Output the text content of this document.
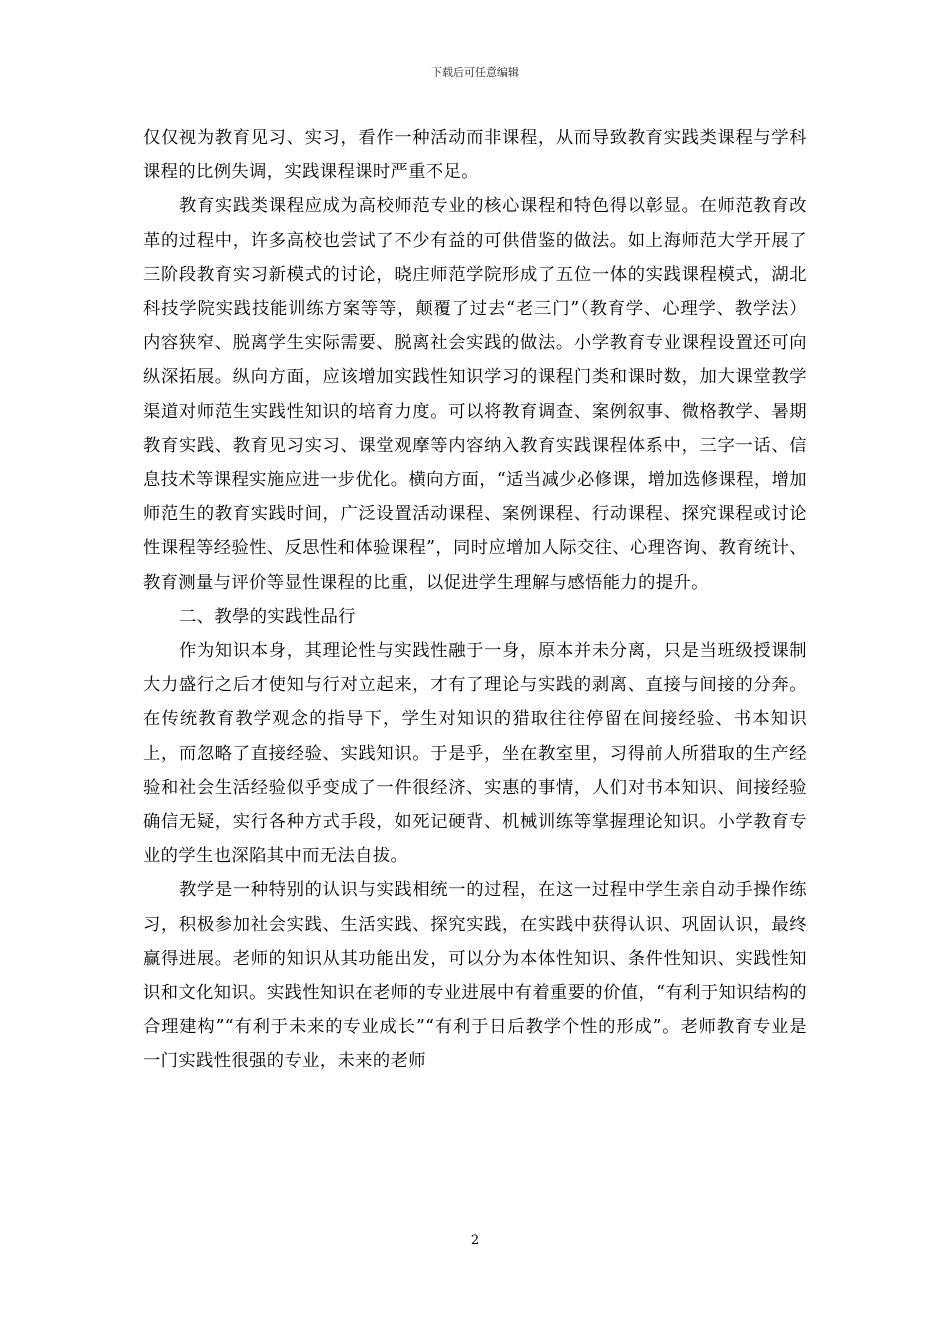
下载后可任意编辑

仅仅视为教育见习、实习，看作一种活动而非课程，从而导致教育实践类课程与学科课程的比例失调，实践课程课时严重不足。

教育实践类课程应成为高校师范专业的核心课程和特色得以彰显。在师范教育改革的过程中，许多高校也尝试了不少有益的可供借鉴的做法。如上海师范大学开展了三阶段教育实习新模式的讨论，晓庄师范学院形成了五位一体的实践课程模式，湖北科技学院实践技能训练方案等等，颠覆了过去“老三门”（教育学、心理学、教学法）内容狭窄、脱离学生实际需要、脱离社会实践的做法。小学教育专业课程设置还可向纵深拓展。纵向方面，应该增加实践性知识学习的课程门类和课时数，加大课堂教学渠道对师范生实践性知识的培育力度。可以将教育调查、案例叙事、微格教学、暑期教育实践、教育见习实习、课堂观摩等内容纳入教育实践课程体系中，三字一话、信息技术等课程实施应进一步优化。横向方面，“适当减少必修课，增加选修课程，增加师范生的教育实践时间，广泛设置活动课程、案例课程、行动课程、探究课程或讨论性课程等经验性、反思性和体验课程”，同时应增加人际交往、心理咨询、教育统计、教育测量与评价等显性课程的比重，以促进学生理解与感悟能力的提升。

二、教學的实践性品行

作为知识本身，其理论性与实践性融于一身，原本并未分离，只是当班级授课制大力盛行之后才使知与行对立起来，才有了理论与实践的剥离、直接与间接的分奔。在传统教育教学观念的指导下，学生对知识的猎取往往停留在间接经验、书本知识上，而忽略了直接经验、实践知识。于是乎，坐在教室里，习得前人所猎取的生产经验和社会生活经验似乎变成了一件很经济、实惠的事情，人们对书本知识、间接经验确信无疑，实行各种方式手段，如死记硬背、机械训练等掌握理论知识。小学教育专业的学生也深陷其中而无法自拔。

教学是一种特别的认识与实践相统一的过程，在这一过程中学生亲自动手操作练习，积极参加社会实践、生活实践、探究实践，在实践中获得认识、巩固认识，最终赢得进展。老师的知识从其功能出发，可以分为本体性知识、条件性知识、实践性知识和文化知识。实践性知识在老师的专业进展中有着重要的价值，“有利于知识结构的合理建构”“有利于未来的专业成长”“有利于日后教学个性的形成”。老师教育专业是一门实践性很强的专业，未来的老师

2
